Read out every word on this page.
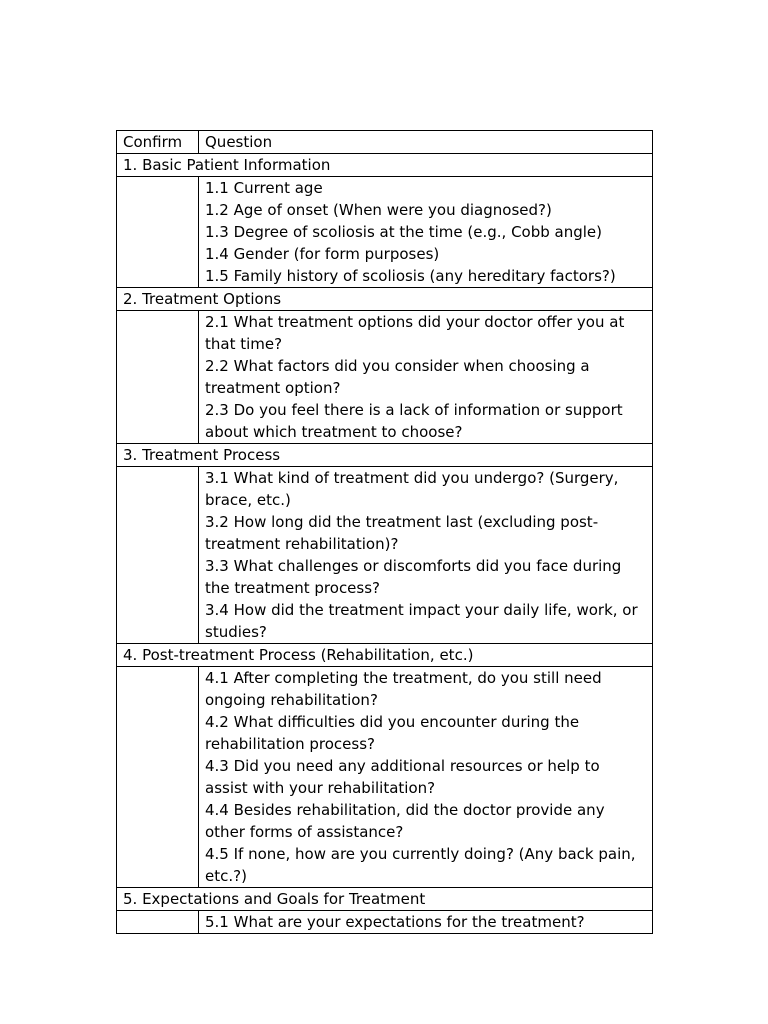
Confirm	Question
1. Basic Patient Information	

	1.1 Current age
1.2 Age of onset (When were you diagnosed?)
1.3 Degree of scoliosis at the time (e.g., Cobb angle)
1.4 Gender (for form purposes)
1.5 Family history of scoliosis (any hereditary factors?)

2. Treatment Options	

	2.1 What treatment options did your doctor offer you at that time?
2.2 What factors did you consider when choosing a treatment option?
2.3 Do you feel there is a lack of information or support about which treatment to choose?

3. Treatment Process	

	3.1 What kind of treatment did you undergo? (Surgery, brace, etc.)
3.2 How long did the treatment last (excluding post-treatment rehabilitation)?
3.3 What challenges or discomforts did you face during the treatment process?
3.4 How did the treatment impact your daily life, work, or studies?

4. Post-treatment Process (Rehabilitation, etc.)	

	4.1 After completing the treatment, do you still need ongoing rehabilitation?
4.2 What difficulties did you encounter during the rehabilitation process?
4.3 Did you need any additional resources or help to assist with your rehabilitation?
4.4 Besides rehabilitation, did the doctor provide any other forms of assistance?
4.5 If none, how are you currently doing? (Any back pain, etc.?)

5. Expectations and Goals for Treatment	

	5.1 What are your expectations for the treatment?
